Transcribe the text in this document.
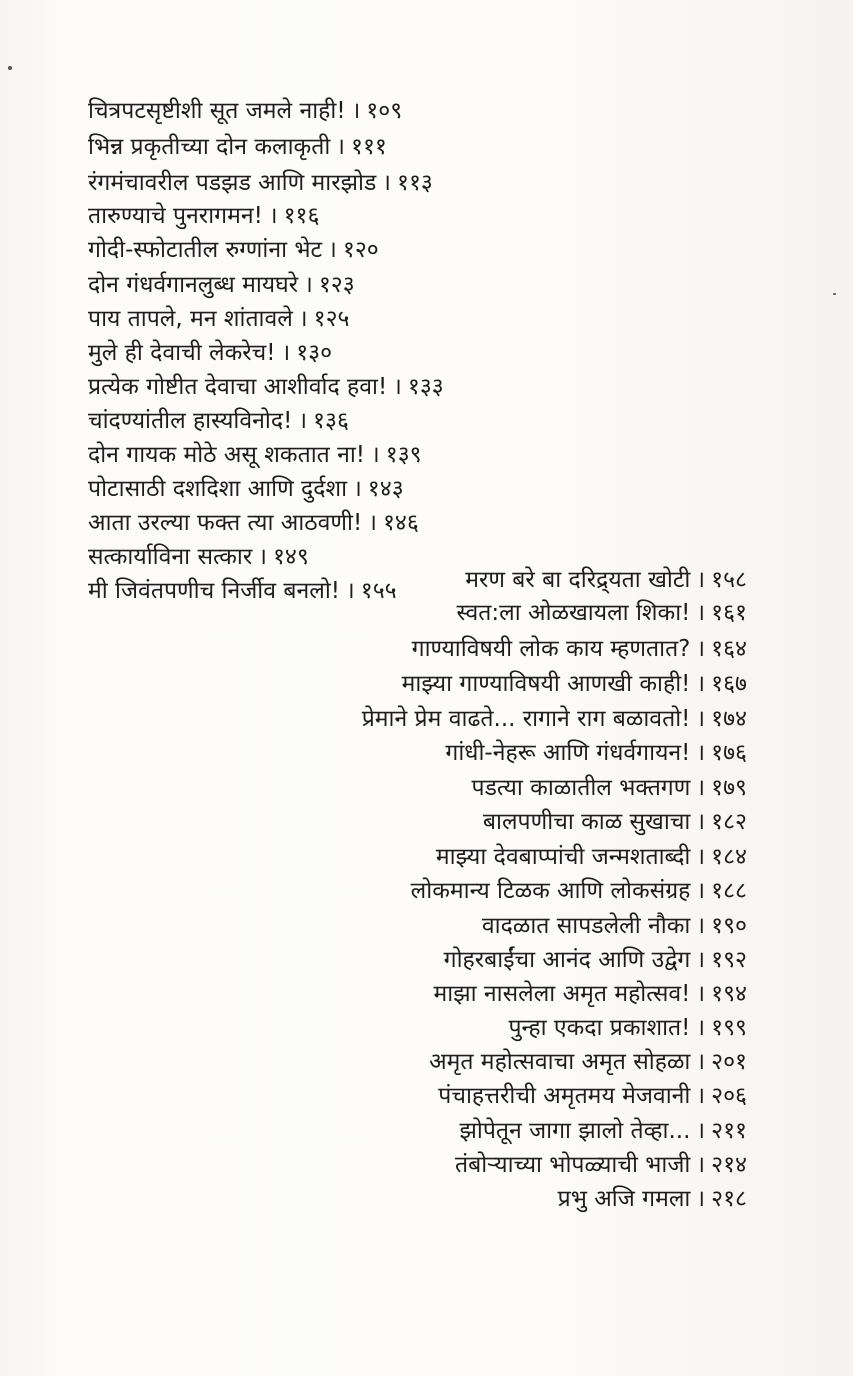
चित्रपटसृष्टीशी सूत जमले नाही! । १०९
भिन्न प्रकृतीच्या दोन कलाकृती । १११
रंगमंचावरील पडझड आणि मारझोड । ११३
तारुण्याचे पुनरागमन! । ११६
गोदी-स्फोटातील रुग्णांना भेट । १२०
दोन गंधर्वगानलुब्ध मायघरे । १२३
पाय तापले, मन शांतावले । १२५
मुले ही देवाची लेकरेच! । १३०
प्रत्येक गोष्टीत देवाचा आशीर्वाद हवा! । १३३
चांदण्यांतील हास्यविनोद! । १३६
दोन गायक मोठे असू शकतात ना! । १३९
पोटासाठी दशदिशा आणि दुर्दशा । १४३
आता उरल्या फक्त त्या आठवणी! । १४६
सत्कार्याविना सत्कार । १४९
मी जिवंतपणीच निर्जीव बनलो! । १५५	मरण बरे बा दरिद्र्यता खोटी । १५८
स्वत:ला ओळखायला शिका! । १६१
गाण्याविषयी लोक काय म्हणतात? । १६४
माझ्या गाण्याविषयी आणखी काही! । १६७
प्रेमाने प्रेम वाढते... रागाने राग बळावतो! । १७४
गांधी-नेहरू आणि गंधर्वगायन! । १७६
पडत्या काळातील भक्तगण । १७९
बालपणीचा काळ सुखाचा । १८२
माझ्या देवबाप्पांची जन्मशताब्दी । १८४
लोकमान्य टिळक आणि लोकसंग्रह । १८८
वादळात सापडलेली नौका । १९०
गोहरबाईंचा आनंद आणि उद्वेग । १९२
माझा नासलेला अमृत महोत्सव! । १९४
पुन्हा एकदा प्रकाशात! । १९९
अमृत महोत्सवाचा अमृत सोहळा । २०१
पंचाहत्तरीची अमृतमय मेजवानी । २०६
झोपेतून जागा झालो तेव्हा... । २११
तंबोऱ्याच्या भोपळ्याची भाजी । २१४
प्रभु अजि गमला । २१८
